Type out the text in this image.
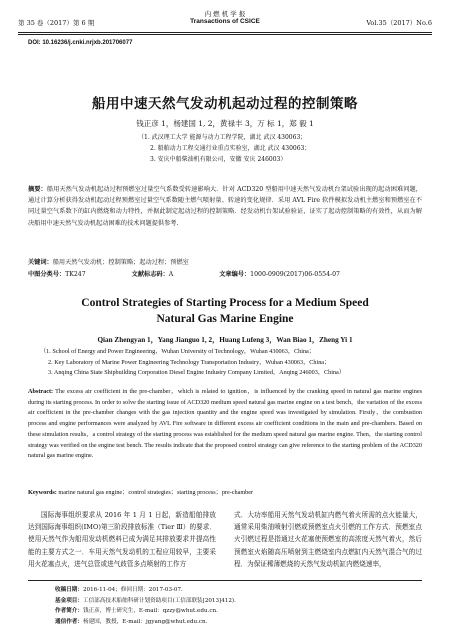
第 35 卷（2017）第 6 期
内 燃 机 学 报
Transactions of CSICE	Vol.35（2017）No.6
DOI: 10.16236/j.cnki.nrjxb.201706077
船用中速天然气发动机起动过程的控制策略
钱正彦 1，杨建国 1, 2，黄禄丰 3，万 标 1，郑 毅 1
（1. 武汉理工大学 能源与动力工程学院，湖北 武汉 430063；
2. 船舶动力工程交通行业重点实验室，湖北 武汉 430063；
3. 安庆中船柴油机有限公司，安徽 安庆 246003）
摘要：船用天然气发动机起动过程预燃室过量空气系数受转速影响大．针对 ACD320 型船用中速天然气发动机台架试验出现的起动困难问题，通过计算分析获得发动机起动过程预燃室过量空气系数随主燃气喷射量、转速的变化规律．采用 AVL Fire 软件模拟发动机主燃室和预燃室在不同过量空气系数下的缸内燃烧和动力特性，并据此制定起动过程的控制策略．经发动机台架试验验证，证实了起动控制策略的有效性，从而为解决船用中速天然气发动机起动困难的技术问题提供参考.
关键词：船用天然气发动机；控制策略；起动过程；预燃室
中图分类号：TK247	文献标志码：A	文章编号：1000-0909(2017)06-0554-07
Control Strategies of Starting Process for a Medium Speed
Natural Gas Marine Engine
Qian Zhengyan 1，Yang Jianguo 1, 2，Huang Lufeng 3，Wan Biao 1，Zheng Yi 1
（1. School of Energy and Power Engineering，Wuhan University of Technology，Wuhan 430063，China；
2. Key Laboratory of Marine Power Engineering Technology Transportation Industry，Wuhan 430063，China；
3. Anqing China State Shipbuilding Corporation Diesel Engine Industry Company Limited，Anqing 246003，China）
Abstract: The excess air coefficient in the pre-chamber，which is related to ignition，is influenced by the cranking speed in natural gas marine engines during its starting process. In order to solve the starting issue of ACD320 medium speed natural gas marine engine on a test bench，the variation of the excess air coefficient in the pre-chamber changes with the gas injection quantity and the engine speed was investigated by simulation. Firstly，the combustion process and engine performances were analyzed by AVL Fire software in different excess air coefficient conditions in the main and pre-chambers. Based on these simulation results，a control strategy of the starting process was established for the medium speed natural gas marine engine. Then，the starting control strategy was verified on the engine test bench. The results indicate that the proposed control strategy can give reference to the starting problem of the ACD320 natural gas marine engine.
Keywords: marine natural gas engine；control strategies；starting process；pre-chamber
国际海事组织要求从 2016 年 1 月 1 日起，新造船舶排放达到国际海事组织(IMO)第三阶段排放标准（Tier Ⅲ）的要求．使用天然气作为船用发动机燃料已成为满足其排放要求并提高性能的主要方式之一．车用天然气发动机的工程应用较早，主要采用火花塞点火，进气总管或进气歧管多点喷射的工作方
式．大功率船用天然气发动机缸内燃气着火所需的点火能量大，通常采用柴油喷射引燃或预燃室点火引燃的工作方式．预燃室点火引燃过程是指通过火花塞使预燃室的高浓度天然气着火，然后预燃室火焰随高压喷射到主燃烧室内点燃缸内天然气混合气的过程．为保证稀薄燃烧的天然气发动机缸内燃烧速率，
收稿日期：2016-11-04；修回日期：2017-03-07.
基金项目：工信部高技术船舶科研计划资助项目(工信部联装[2013]412).
作者简介：钱正彦，博士研究生，E-mail：qzzy@whut.edu.cn.
通信作者：杨建国，教授，E-mail：jgyang@whut.edu.cn.
